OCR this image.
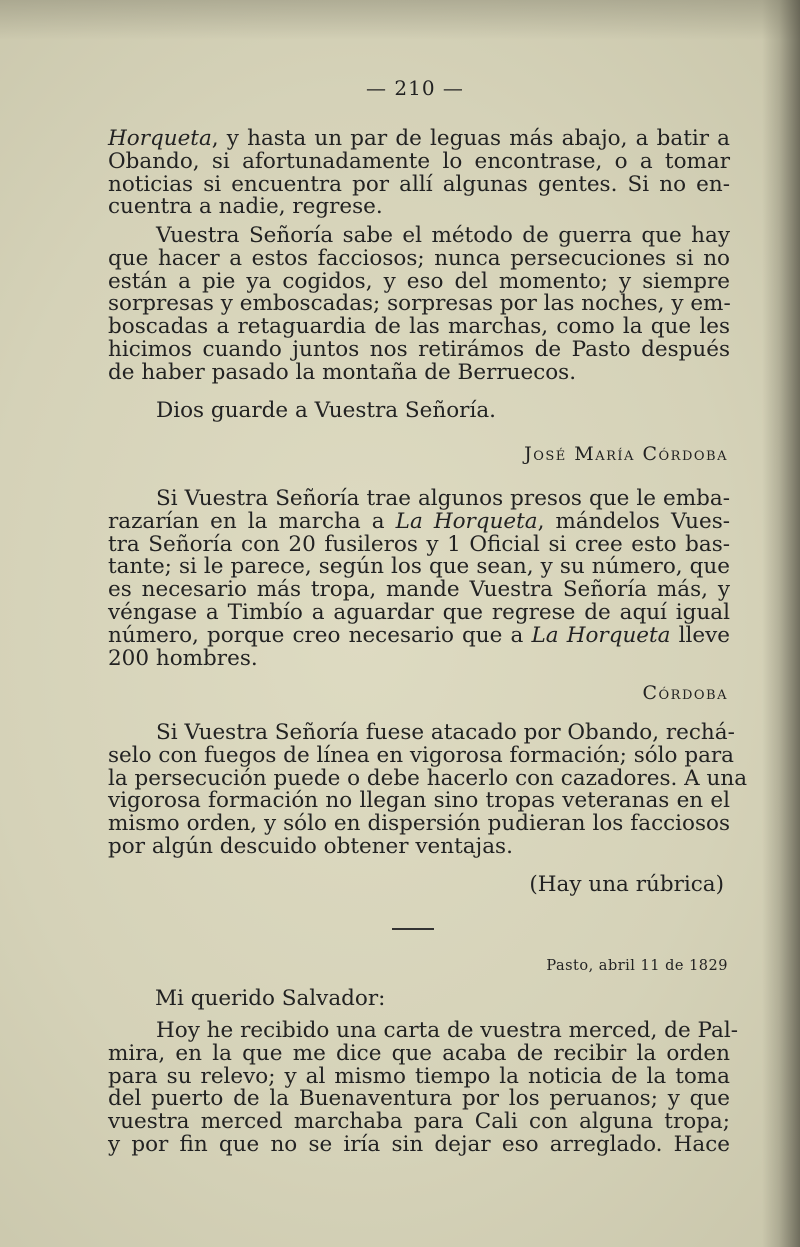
— 210 —

Horqueta, y hasta un par de leguas más abajo, a batir a
Obando, si afortunadamente lo encontrase, o a tomar
noticias si encuentra por allí algunas gentes. Si no en-
cuentra a nadie, regrese.

Vuestra Señoría sabe el método de guerra que hay
que hacer a estos facciosos; nunca persecuciones si no
están a pie ya cogidos, y eso del momento; y siempre
sorpresas y emboscadas; sorpresas por las noches, y em-
boscadas a retaguardia de las marchas, como la que les
hicimos cuando juntos nos retirámos de Pasto después
de haber pasado la montaña de Berruecos.

Dios guarde a Vuestra Señoría.

José María Córdoba

Si Vuestra Señoría trae algunos presos que le emba-
razarían en la marcha a La Horqueta, mándelos Vues-
tra Señoría con 20 fusileros y 1 Oficial si cree esto bas-
tante; si le parece, según los que sean, y su número, que
es necesario más tropa, mande Vuestra Señoría más, y
véngase a Timbío a aguardar que regrese de aquí igual
número, porque creo necesario que a La Horqueta lleve
200 hombres.

Córdoba

Si Vuestra Señoría fuese atacado por Obando, rechá-
selo con fuegos de línea en vigorosa formación; sólo para
la persecución puede o debe hacerlo con cazadores. A una
vigorosa formación no llegan sino tropas veteranas en el
mismo orden, y sólo en dispersión pudieran los facciosos
por algún descuido obtener ventajas.

(Hay una rúbrica)
Pasto, abril 11 de 1829
Mi querido Salvador:

Hoy he recibido una carta de vuestra merced, de Pal-
mira, en la que me dice que acaba de recibir la orden
para su relevo; y al mismo tiempo la noticia de la toma
del puerto de la Buenaventura por los peruanos; y que
vuestra merced marchaba para Cali con alguna tropa;
y por fin que no se iría sin dejar eso arreglado. Hace
